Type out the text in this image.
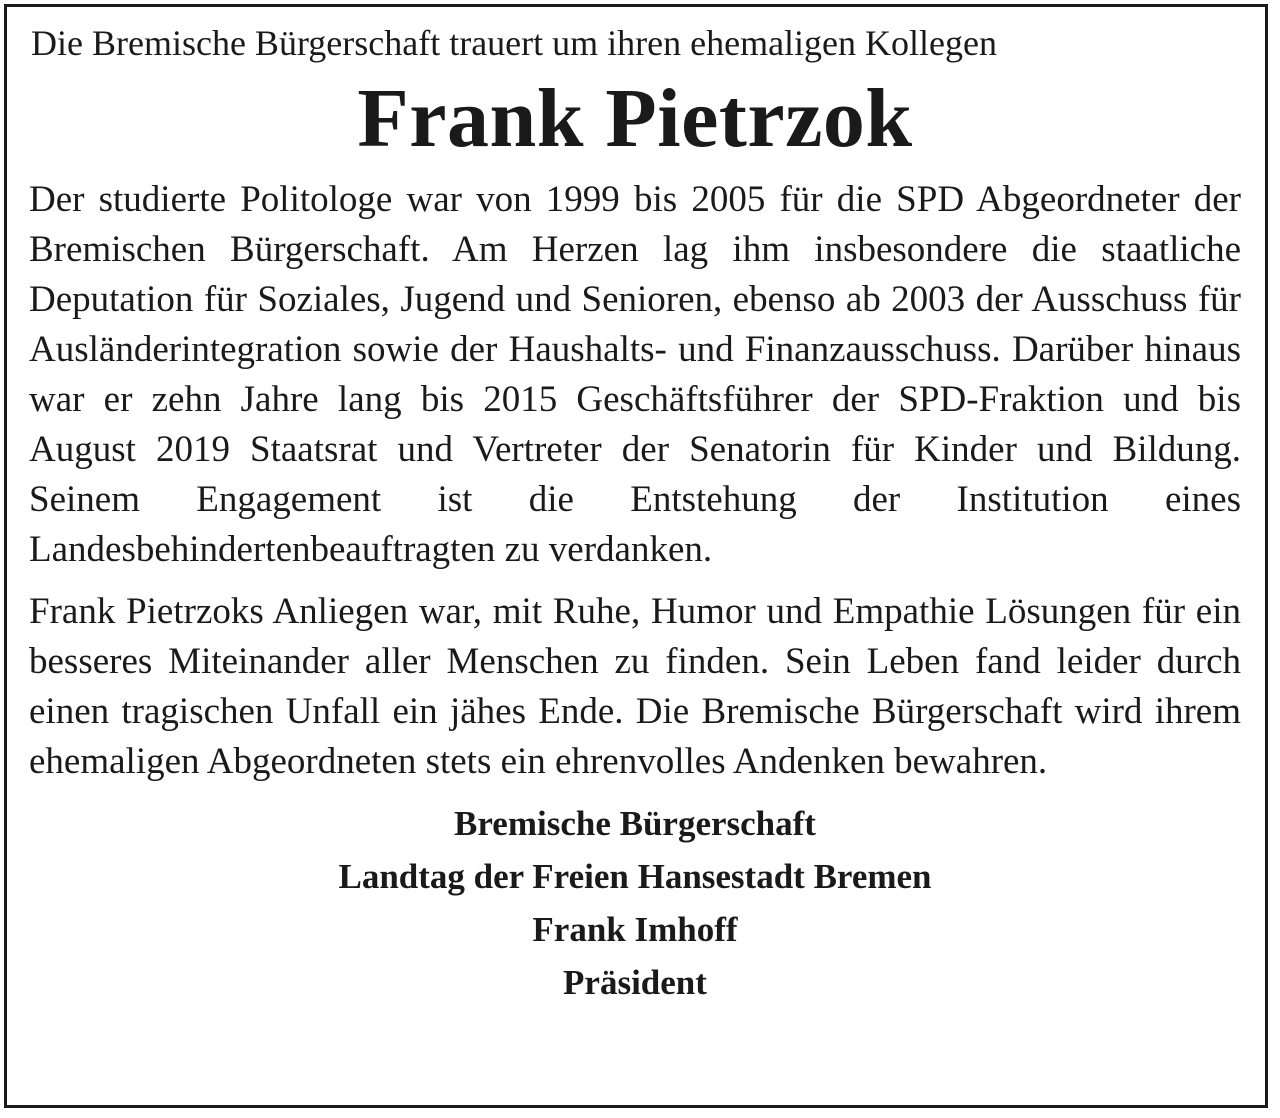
Die Bremische Bürgerschaft trauert um ihren ehemaligen Kollegen

Frank Pietrzok

Der studierte Politologe war von 1999 bis 2005 für die SPD Abgeordneter der Bremischen Bürgerschaft. Am Herzen lag ihm insbesondere die staatliche Deputation für Soziales, Jugend und Senioren, ebenso ab 2003 der Ausschuss für Ausländerintegration sowie der Haushalts- und Finanzausschuss. Darüber hinaus war er zehn Jahre lang bis 2015 Geschäftsführer der SPD-Fraktion und bis August 2019 Staatsrat und Vertreter der Senatorin für Kinder und Bildung. Seinem Engagement ist die Entstehung der Institution eines Landesbehindertenbeauftragten zu verdanken.

Frank Pietrzoks Anliegen war, mit Ruhe, Humor und Empathie Lösungen für ein besseres Miteinander aller Menschen zu finden. Sein Leben fand leider durch einen tragischen Unfall ein jähes Ende. Die Bremische Bürgerschaft wird ihrem ehemaligen Abgeordneten stets ein ehrenvolles Andenken bewahren.

Bremische Bürgerschaft
Landtag der Freien Hansestadt Bremen
Frank Imhoff
Präsident
